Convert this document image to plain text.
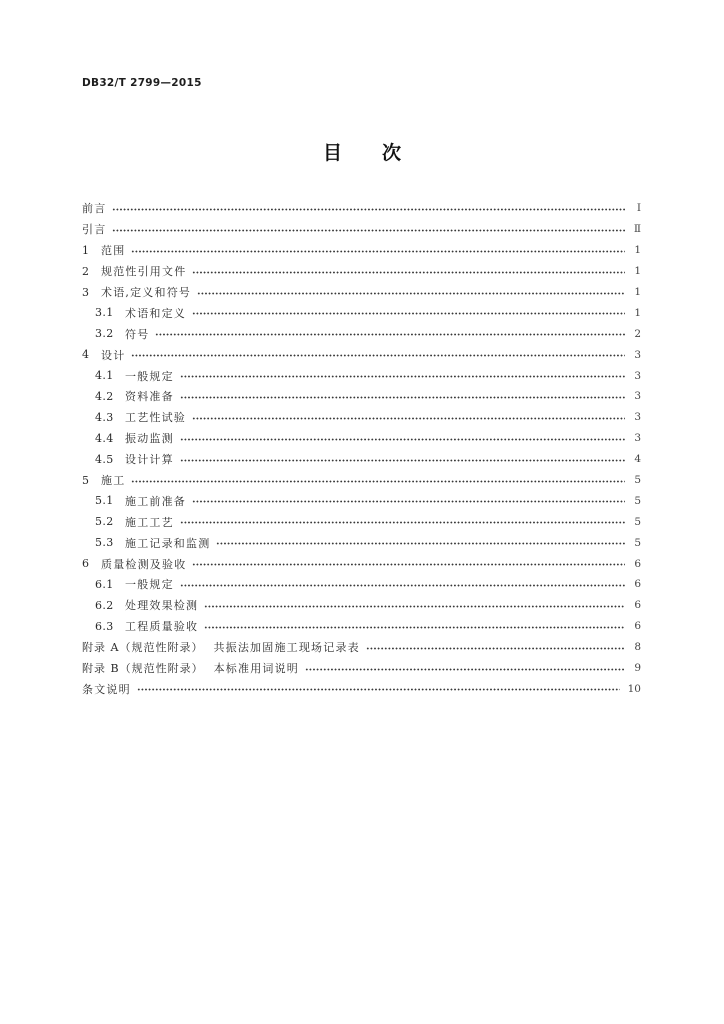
DB32/T 2799—2015
目次
前言	Ⅰ
引言	Ⅱ
1	范围	1
2	规范性引用文件	1
3	术语,定义和符号	1
3.1	术语和定义	1
3.2	符号	2
4	设计	3
4.1	一般规定	3
4.2	资料准备	3
4.3	工艺性试验	3
4.4	振动监测	3
4.5	设计计算	4
5	施工	5
5.1	施工前准备	5
5.2	施工工艺	5
5.3	施工记录和监测	5
6	质量检测及验收	6
6.1	一般规定	6
6.2	处理效果检测	6
6.3	工程质量验收	6
附录 A（规范性附录） 共振法加固施工现场记录表	8
附录 B（规范性附录） 本标准用词说明	9
条文说明	10
